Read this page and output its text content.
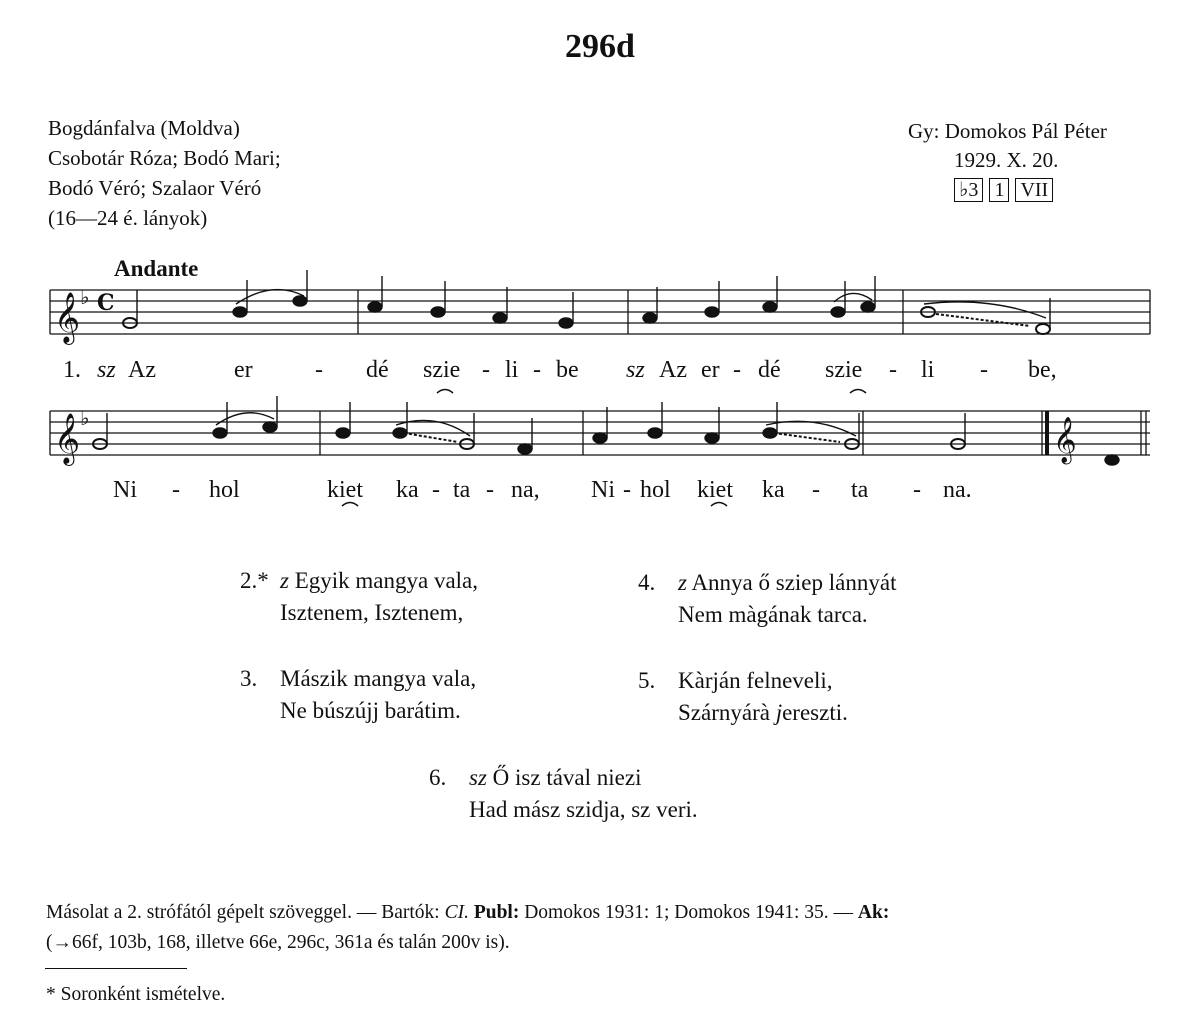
296d
Bogdánfalva (Moldva)
Csobotár Róza; Bodó Mari;
Bodó Véró; Szalaor Véró
(16—24 é. lányok)
Gy: Domokos Pál Péter
1929. X. 20.
♭3 1 VII
Andante
𝄞
𝄞	𝄞
♭
♭
C
1. sz Az	er	- dé szie - li - be sz Az er - dé szie - li - be,
Ni - hol	kiet ka - ta - na, Ni - hol kiet ka - ta - na.
2.* z Egyik mangya vala,
Isztenem, Isztenem,
3. Mászik mangya vala,
Ne búszújj barátim.
4. z Annya ő sziep lánnyát
Nem màgának tarca.
5. Kàrján felneveli,
Szárnyárà jereszti.
6. sz Ő isz tával niezi
Had mász szidja, sz veri.
Másolat a 2. strófától gépelt szöveggel. — Bartók: CI. Publ: Domokos 1931: 1; Domokos 1941: 35. — Ak:
(→66f, 103b, 168, illetve 66e, 296c, 361a és talán 200v is).
* Soronként ismételve.
